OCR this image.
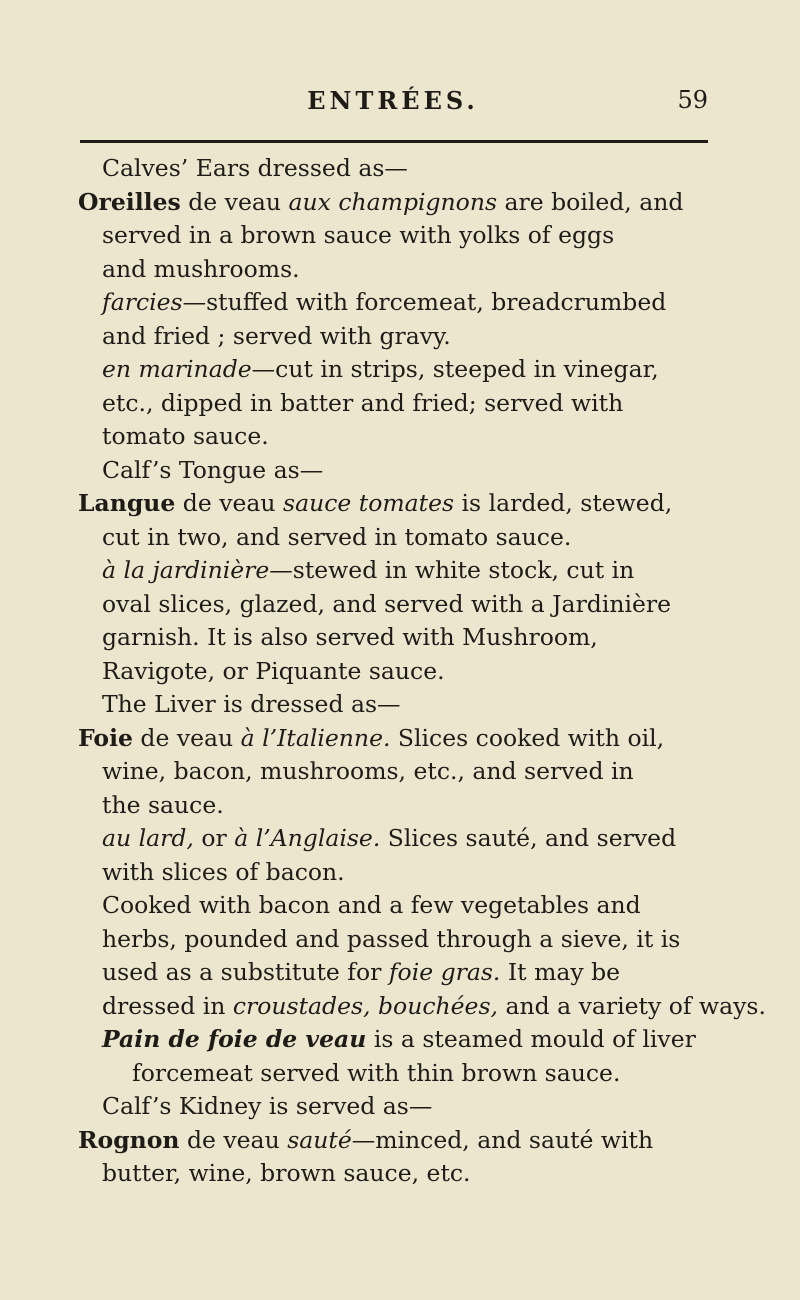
ENTRÉES.	59
Calves’ Ears dressed as—
Oreilles de veau aux champignons are boiled, and
served in a brown sauce with yolks of eggs
and mushrooms.
farcies—stuffed with forcemeat, breadcrumbed
and fried ; served with gravy.
en marinade—cut in strips, steeped in vinegar,
etc., dipped in batter and fried; served with
tomato sauce.
Calf’s Tongue as—
Langue de veau sauce tomates is larded, stewed,
cut in two, and served in tomato sauce.
à la jardinière—stewed in white stock, cut in
oval slices, glazed, and served with a Jardinière
garnish. It is also served with Mushroom,
Ravigote, or Piquante sauce.
The Liver is dressed as—
Foie de veau à l’Italienne. Slices cooked with oil,
wine, bacon, mushrooms, etc., and served in
the sauce.
au lard, or à l’Anglaise. Slices sauté, and served
with slices of bacon.
Cooked with bacon and a few vegetables and
herbs, pounded and passed through a sieve, it is
used as a substitute for foie gras. It may be
dressed in croustades, bouchées, and a variety of ways.
Pain de foie de veau is a steamed mould of liver
forcemeat served with thin brown sauce.
Calf’s Kidney is served as—
Rognon de veau sauté—minced, and sauté with
butter, wine, brown sauce, etc.
